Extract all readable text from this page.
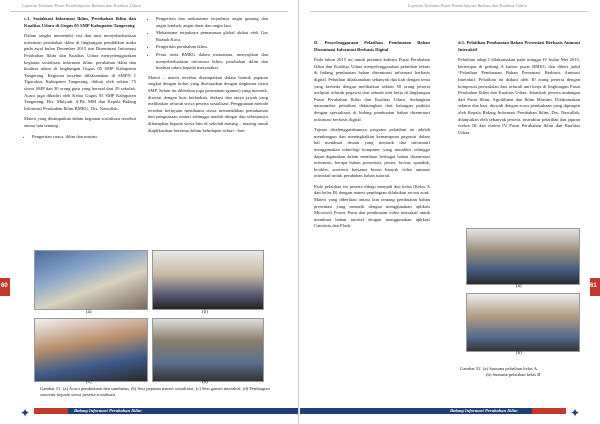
Laporan Tahunan Pusat Pembelajaran Bahasa dan Kualitas Udara
60

c.3. Sosialisasi Informasi Iklim, Perubahan Iklim dan Kualitas Udara di Gugus 05 SMP Kabupaten Tangerang

Dalam rangka memenuhi visi dan misi menyebarluaskan informasi perubahan iklim di lingkungan pendidikan maka pada awal bulan Desember 2015 tim Diseminasi Informasi Perubahan Iklim dan Kualitas Udara menyelenggarakan kegiatan sosialisasi informasi iklim, perubahan iklim dan kualitas udara di lingkungan Gugus 05 SMP Kabupaten Tangerang. Kegiatan tersebut dilaksanakan di SMPN 1 Tigaraksa, Kabupaten Tangerang, diikuti oleh sekitar 75 siswa SMP dan 30 orang guru yang berasal dari 29 sekolah. Acara juga dihadiri oleh Ketua Gugus 05 SMP Kabupaten Tangerang, Drs. Mulyadi, S.Pd, MM dan Kepala Bidang Informasi Perubahan Iklim BMKG, Drs. Nasrullah.

Materi yang disampaikan dalam kegiatan sosialisasi tersebut antara lain tentang :

• Pengertian cuaca, iklim dan musim.
• Pengertian dan mekanisme terjadinya angin gunung dan angin lembah, angin darat dan angin laut.
• Mekanisme terjadinya pemanasan global akibat efek Gas Rumah Kaca.
• Pengertian perubahan iklim.
• Peran serta BMKG dalam memantau, menyajikan dan menyebarluaskan informasi iklim, perubahan iklim dan kualitas udara kepada masyarakat.

Materi – materi tersebut disampaikan dalam bentuk paparan singkat dengan bobot yang disesuaikan dengan tingkatan siswa SMP. Selain itu diberikan juga permainan (games) yang menarik, disertai dengan kuis berhadiah, diskusi dan tanya jawab yang melibatkan seluruh siswa peserta sosialisasi. Penggunaan metode tersebut bertujuan membantu siswa memudahkan pemahaman dan penguasaan materi sehingga mudah diingat dan selanjutnya diharapkan kepada siswa lain di sekolah masing – masing untuk diaplikasikan bersama dalam kehidupan sehari - hari.

(a)	(b)
(c)	(d)
Gambar 51. (a) Acara pembukaan dan sambutan, (b) Sesi paparan materi sosialisasi, (c) Sesi games interaktif, (d) Pembagian souvenir kepada siswa peserta sosialisasi
✦	Bidang Informasi Perubahan Iklim
Laporan Tahunan Pusat Pembelajaran Bahasa dan Kualitas Udara
61

D. Penyelenggaraan Pelatihan Pembuatan Bahan Diseminasi Informasi Berbasis Digital

Pada tahun 2015 ini untuk pertama kalinya Pusat Perubahan Iklim dan Kualitas Udara menyelenggarakan pelatihan teknis di bidang pembuatan bahan diseminasi informasi berbasis digital. Pelatihan dilaksanakan sebanyak dua kali dengan tema yang berbeda dengan melibatkan sekitar 50 orang peserta meliputi seluruh pegawai dari sebuah unit kerja di lingkungan Pusat Perubahan Iklim dan Kualitas Udara. Sedangkan narasumber pelatihan didatangkan dari kalangan praktisi dengan spesialisasi di bidang pembuatan bahan diseminasi informasi berbasis digital.

Tujuan diselenggarakannya program pelatihan ini adalah membangun dan meningkatkan kemampuan pegawai dalam hal membuat desain yang menarik dan informatif menggunakan teknologi komputer, yang mutakhir sehingga dapat digunakan dalam membuat berbagai bahan diseminasi informasi, berupa bahan presentasi, poster, brosur, spanduk, booklet, souvenir bersama kreasi banyak video animasi interaktif untuk perubahan bahan tutorial.

Pada pelatihan ini peserta dibagi menjadi dua kelas (Kelas A dan kelas B) dengan materi pembagian dilakukan secara acak. Materi yang diberikan antara lain tentang pembuatan bahan presentasi yang menarik dengan menggunakan aplikasi Microsoft Power Point dan pembuatan video interaktif untuk membuat bahan tutorial dengan menggunakan aplikasi Camtasia dan Flash.

d.1. Pelatihan Pembuatan Bahan Presentasi Berbasis Animasi Interaktif

Pelatihan tahap I dilaksanakan pada minggu IV bulan Mei 2015, bertempat di gedung A kantor pusat BMKG dan diberi judul “Pelatihan Pembuatan Bahan Presentasi Berbasis Animasi Interaktif. Pelatihan ini diikuti oleh 30 orang peserta dengan komposisi perwakilan dari seluruh unit kerja di lingkungan Pusat Perubahan Iklim dan Kualitas Udara, ditambah peserta undangan dari Pusat Iklim, Agroklimat dan Iklim Maritim. Dilaksanakan selama dua hari, diawali dengan acara pembukaan yang dipimpin oleh Kepala Bidang Informasi Perubahan Iklim, Drs. Nasrullah, dilanjutkan oleh sebanyak peserta, instruktur pelatihan dan jajaran eselon III dan eselon IV Pusat Perubahan Iklim dan Kualitas Udara.

(a)
(b)
Gambar 52. (a) Suasana pelatihan kelas A,
(b) Suasana pelatihan kelas B
Bidang Informasi Perubahan Iklim	✦
